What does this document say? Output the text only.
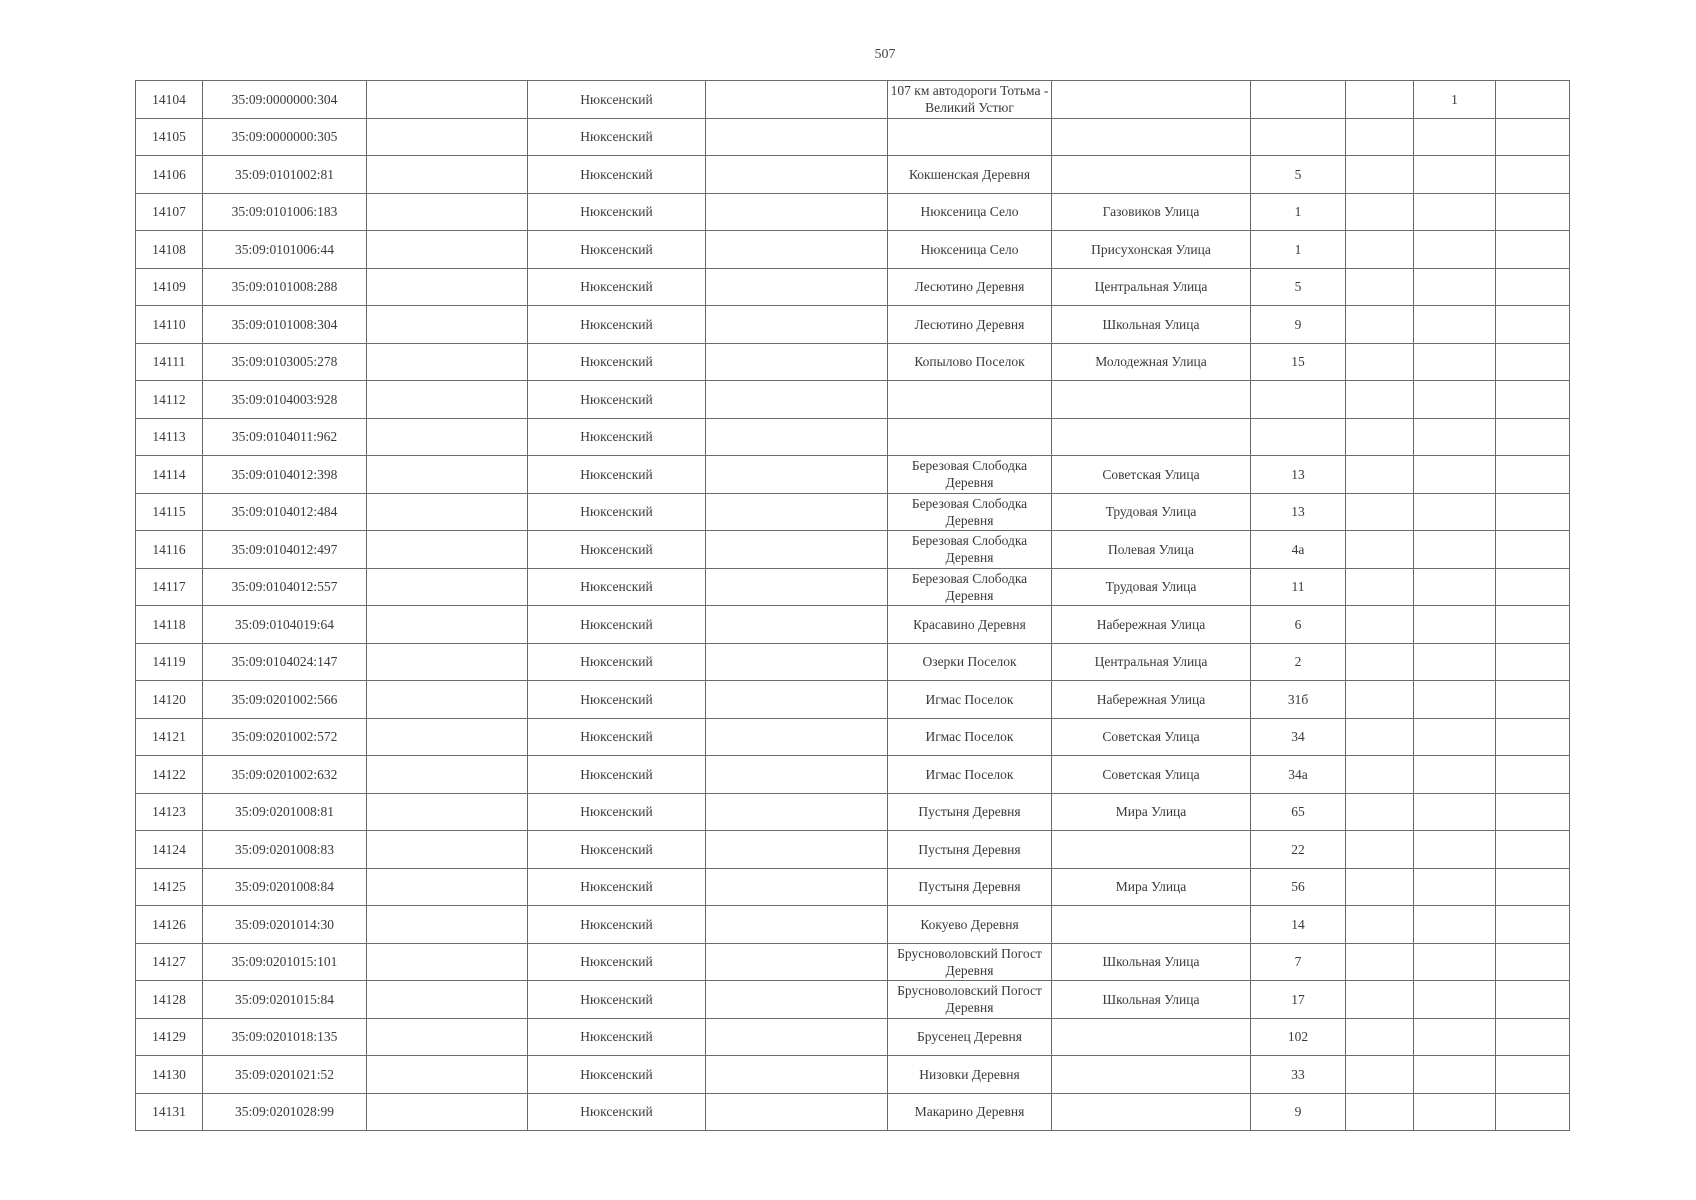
507
14104	35:09:0000000:304		Нюксенский		107 км автодороги Тотьма - Великий Устюг				1	
14105	35:09:0000000:305		Нюксенский							
14106	35:09:0101002:81		Нюксенский		Кокшенская Деревня		5			
14107	35:09:0101006:183		Нюксенский		Нюксеница Село	Газовиков Улица	1			
14108	35:09:0101006:44		Нюксенский		Нюксеница Село	Присухонская Улица	1			
14109	35:09:0101008:288		Нюксенский		Лесютино Деревня	Центральная Улица	5			
14110	35:09:0101008:304		Нюксенский		Лесютино Деревня	Школьная Улица	9			
14111	35:09:0103005:278		Нюксенский		Копылово Поселок	Молодежная Улица	15			
14112	35:09:0104003:928		Нюксенский							
14113	35:09:0104011:962		Нюксенский							
14114	35:09:0104012:398		Нюксенский		Березовая Слободка Деревня	Советская Улица	13			
14115	35:09:0104012:484		Нюксенский		Березовая Слободка Деревня	Трудовая Улица	13			
14116	35:09:0104012:497		Нюксенский		Березовая Слободка Деревня	Полевая Улица	4а			
14117	35:09:0104012:557		Нюксенский		Березовая Слободка Деревня	Трудовая Улица	11			
14118	35:09:0104019:64		Нюксенский		Красавино Деревня	Набережная Улица	6			
14119	35:09:0104024:147		Нюксенский		Озерки Поселок	Центральная Улица	2			
14120	35:09:0201002:566		Нюксенский		Игмас Поселок	Набережная Улица	31б			
14121	35:09:0201002:572		Нюксенский		Игмас Поселок	Советская Улица	34			
14122	35:09:0201002:632		Нюксенский		Игмас Поселок	Советская Улица	34а			
14123	35:09:0201008:81		Нюксенский		Пустыня Деревня	Мира Улица	65			
14124	35:09:0201008:83		Нюксенский		Пустыня Деревня		22			
14125	35:09:0201008:84		Нюксенский		Пустыня Деревня	Мира Улица	56			
14126	35:09:0201014:30		Нюксенский		Кокуево Деревня		14			
14127	35:09:0201015:101		Нюксенский		Брусноволовский Погост Деревня	Школьная Улица	7			
14128	35:09:0201015:84		Нюксенский		Брусноволовский Погост Деревня	Школьная Улица	17			
14129	35:09:0201018:135		Нюксенский		Брусенец Деревня		102			
14130	35:09:0201021:52		Нюксенский		Низовки Деревня		33			
14131	35:09:0201028:99		Нюксенский		Макарино Деревня		9			
